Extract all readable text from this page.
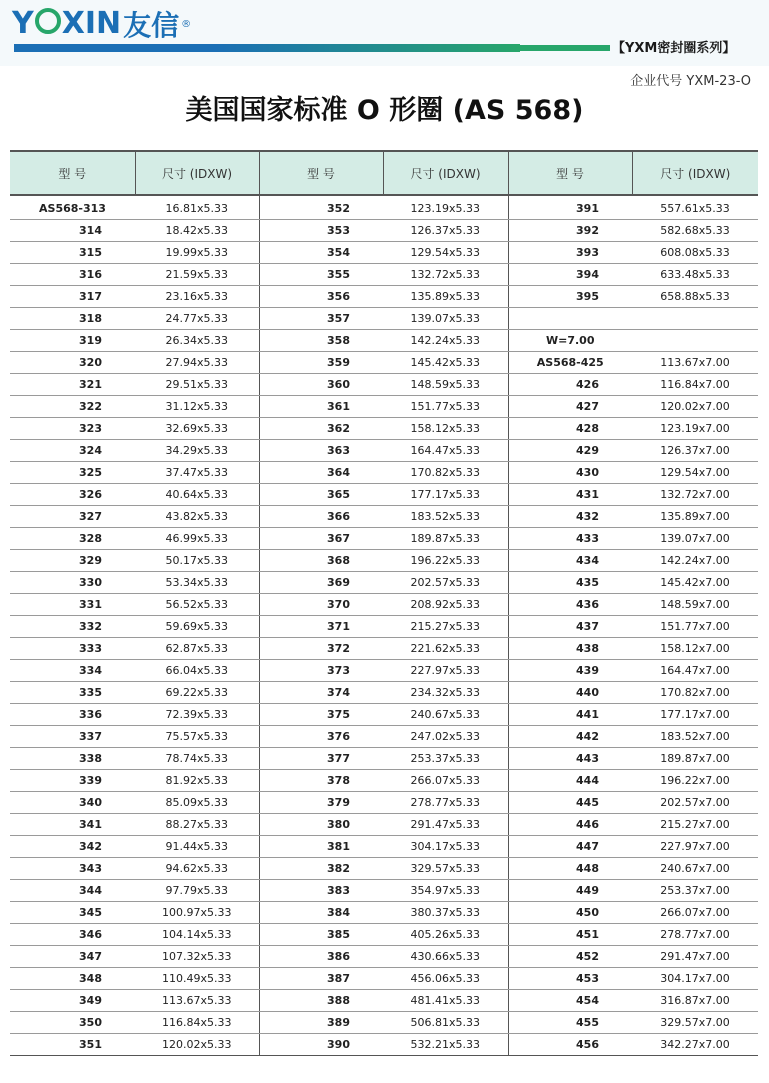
Y X I N 友信 ®
【YXM密封圈系列】
企业代号 YXM-23-O
美国国家标准 O 形圈 (AS 568)
型 号	尺寸 (IDXW)	型 号	尺寸 (IDXW)	型 号	尺寸 (IDXW)
AS568-313	16.81x5.33	352	123.19x5.33	391	557.61x5.33
314	18.42x5.33	353	126.37x5.33	392	582.68x5.33
315	19.99x5.33	354	129.54x5.33	393	608.08x5.33
316	21.59x5.33	355	132.72x5.33	394	633.48x5.33
317	23.16x5.33	356	135.89x5.33	395	658.88x5.33
318	24.77x5.33	357	139.07x5.33		
319	26.34x5.33	358	142.24x5.33	W=7.00	
320	27.94x5.33	359	145.42x5.33	AS568-425	113.67x7.00
321	29.51x5.33	360	148.59x5.33	426	116.84x7.00
322	31.12x5.33	361	151.77x5.33	427	120.02x7.00
323	32.69x5.33	362	158.12x5.33	428	123.19x7.00
324	34.29x5.33	363	164.47x5.33	429	126.37x7.00
325	37.47x5.33	364	170.82x5.33	430	129.54x7.00
326	40.64x5.33	365	177.17x5.33	431	132.72x7.00
327	43.82x5.33	366	183.52x5.33	432	135.89x7.00
328	46.99x5.33	367	189.87x5.33	433	139.07x7.00
329	50.17x5.33	368	196.22x5.33	434	142.24x7.00
330	53.34x5.33	369	202.57x5.33	435	145.42x7.00
331	56.52x5.33	370	208.92x5.33	436	148.59x7.00
332	59.69x5.33	371	215.27x5.33	437	151.77x7.00
333	62.87x5.33	372	221.62x5.33	438	158.12x7.00
334	66.04x5.33	373	227.97x5.33	439	164.47x7.00
335	69.22x5.33	374	234.32x5.33	440	170.82x7.00
336	72.39x5.33	375	240.67x5.33	441	177.17x7.00
337	75.57x5.33	376	247.02x5.33	442	183.52x7.00
338	78.74x5.33	377	253.37x5.33	443	189.87x7.00
339	81.92x5.33	378	266.07x5.33	444	196.22x7.00
340	85.09x5.33	379	278.77x5.33	445	202.57x7.00
341	88.27x5.33	380	291.47x5.33	446	215.27x7.00
342	91.44x5.33	381	304.17x5.33	447	227.97x7.00
343	94.62x5.33	382	329.57x5.33	448	240.67x7.00
344	97.79x5.33	383	354.97x5.33	449	253.37x7.00
345	100.97x5.33	384	380.37x5.33	450	266.07x7.00
346	104.14x5.33	385	405.26x5.33	451	278.77x7.00
347	107.32x5.33	386	430.66x5.33	452	291.47x7.00
348	110.49x5.33	387	456.06x5.33	453	304.17x7.00
349	113.67x5.33	388	481.41x5.33	454	316.87x7.00
350	116.84x5.33	389	506.81x5.33	455	329.57x7.00
351	120.02x5.33	390	532.21x5.33	456	342.27x7.00
